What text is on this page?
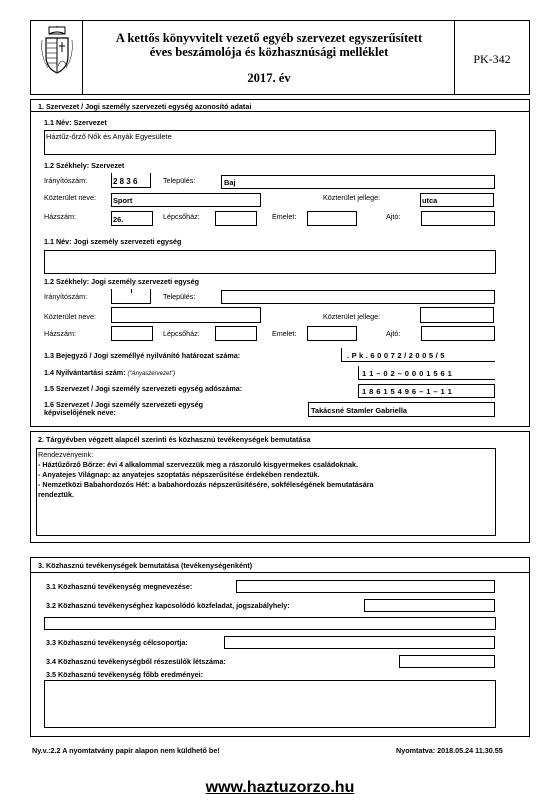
A kettős könyvvitelt vezető egyéb szervezet egyszerűsített
éves beszámolója és közhasznúsági melléklet
2017. év
PK-342
1. Szervezet / Jogi személy szervezeti egység azonosító adatai
1.1 Név: Szervezet
Háztűz-őrző Nők és Anyák Egyesülete
1.2 Székhely: Szervezet
Irányítószám:	2836	Település:	Baj
Közterület neve: Sport	Közterület jellege:	utca
Házszám:	26.	Lépcsőház:	Emelet:	Ajtó:
1.1 Név: Jogi személy szervezeti egység
1.2 Székhely: Jogi személy szervezeti egység
Irányítószám:	Település:
Közterület neve:	Közterület jellege:
Házszám:	Lépcsőház:	Emelet:	Ajtó:
1.3 Bejegyző / Jogi személlyé nyilvánító határozat száma:	. P k . 6 0 0 7 2 / 2 0 0 5 / 5
1.4 Nyilvántartási szám: ("Anyaszervezet")	1 1 – 0 2 – 0 0 0 1 5 6 1
1.5 Szervezet / Jogi személy szervezeti egység adószáma:	1 8 6 1 5 4 9 6 – 1 – 1 1
1.6 Szervezet / Jogi személy szervezeti egység
képviselőjének neve:	Takácsné Stamler Gabriella
2. Tárgyévben végzett alapcél szerinti és közhasznú tevékenységek bemutatása
Rendezvényeink:
- Háztűzőrző Bőrze: évi 4 alkalommal szervezzük meg a rászoruló kisgyermekes családoknak.
- Anyatejes Világnap: az anyatejes szoptatás népszerűsítése érdekében rendeztük.
- Nemzetközi Babahordozós Hét: a babahordozás népszerűsítésére, sokféleségének bemutatására
rendeztük.
3. Közhasznú tevékenységek bemutatása (tevékenységenként)
3.1 Közhasznú tevékenység megnevezése:
3.2 Közhasznú tevékenységhez kapcsolódó közfeladat, jogszabályhely:
3.3 Közhasznú tevékenység célcsoportja:
3.4 Közhasznú tevékenységből részesülők létszáma:
3.5 Közhasznú tevékenység főbb eredményei:
Ny.v.:2.2 A nyomtatvány papír alapon nem küldhető be!	Nyomtatva: 2018.05.24 11.30.55
www.haztuzorzo.hu
